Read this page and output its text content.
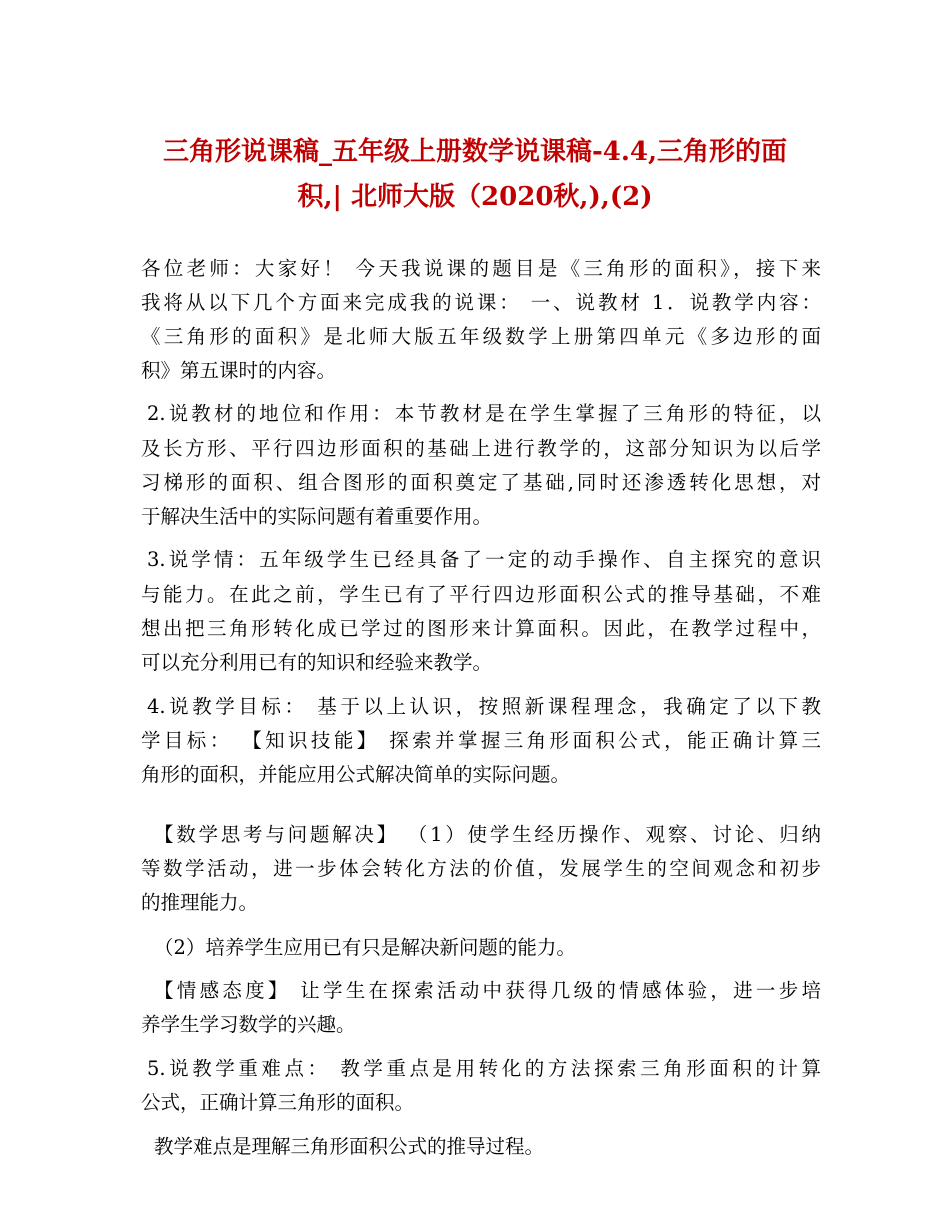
三角形说课稿_五年级上册数学说课稿-4.4,三角形的面
积,| 北师大版（2020秋,),(2)
各位老师：大家好！ 今天我说课的题目是《三角形的面积》，接下来
我将从以下几个方面来完成我的说课： 一、说教材 1．说教学内容：
《三角形的面积》是北师大版五年级数学上册第四单元《多边形的面
积》第五课时的内容。
2.说教材的地位和作用：本节教材是在学生掌握了三角形的特征，以
及长方形、平行四边形面积的基础上进行教学的，这部分知识为以后学
习梯形的面积、组合图形的面积奠定了基础,同时还渗透转化思想，对
于解决生活中的实际问题有着重要作用。
3.说学情：五年级学生已经具备了一定的动手操作、自主探究的意识
与能力。在此之前，学生已有了平行四边形面积公式的推导基础，不难
想出把三角形转化成已学过的图形来计算面积。因此，在教学过程中，
可以充分利用已有的知识和经验来教学。
4.说教学目标： 基于以上认识，按照新课程理念，我确定了以下教
学目标： 【知识技能】 探索并掌握三角形面积公式，能正确计算三
角形的面积，并能应用公式解决简单的实际问题。
【数学思考与问题解决】 （1）使学生经历操作、观察、讨论、归纳
等数学活动，进一步体会转化方法的价值，发展学生的空间观念和初步
的推理能力。
（2）培养学生应用已有只是解决新问题的能力。
【情感态度】 让学生在探索活动中获得几级的情感体验，进一步培
养学生学习数学的兴趣。
5.说教学重难点： 教学重点是用转化的方法探索三角形面积的计算
公式，正确计算三角形的面积。
教学难点是理解三角形面积公式的推导过程。
